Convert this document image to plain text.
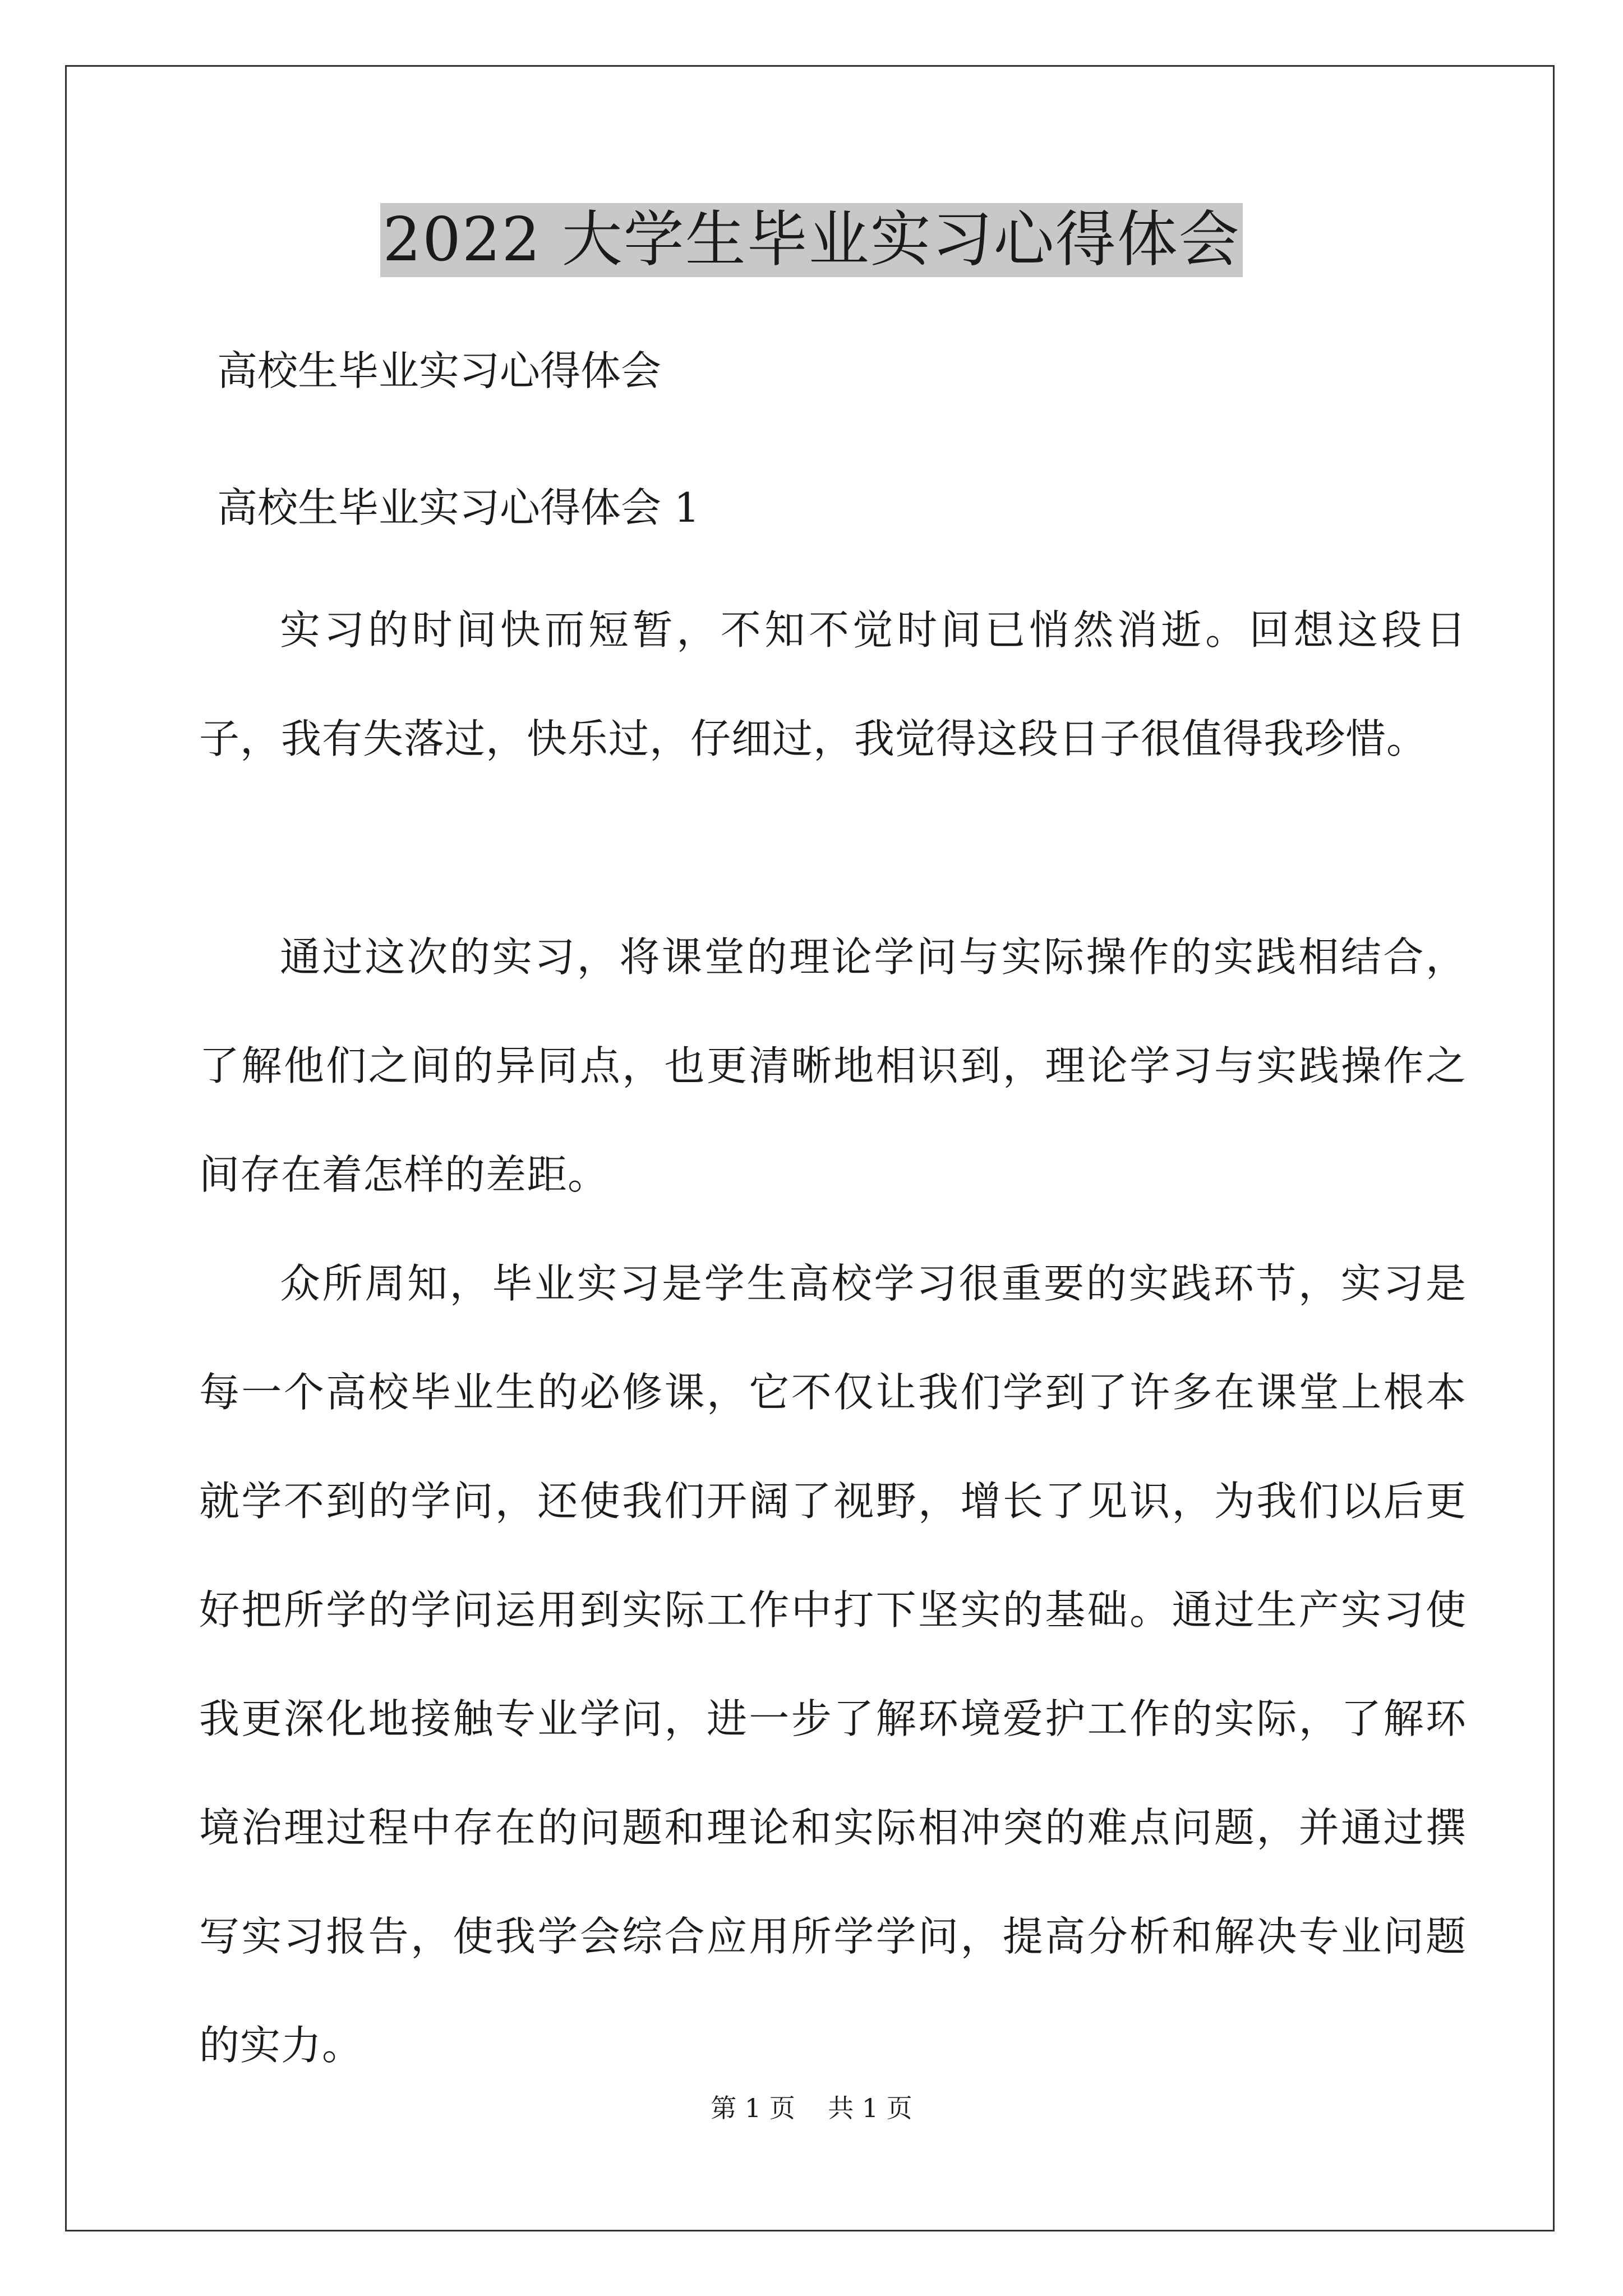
2022 大学生毕业实习心得体会
高校生毕业实习心得体会
高校生毕业实习心得体会 1

实习的时间快而短暂，不知不觉时间已悄然消逝。回想这段日子，我有失落过，快乐过，仔细过，我觉得这段日子很值得我珍惜。

通过这次的实习，将课堂的理论学问与实际操作的实践相结合，了解他们之间的异同点，也更清晰地相识到，理论学习与实践操作之间存在着怎样的差距。

众所周知，毕业实习是学生高校学习很重要的实践环节，实习是每一个高校毕业生的必修课，它不仅让我们学到了许多在课堂上根本就学不到的学问，还使我们开阔了视野，增长了见识，为我们以后更好把所学的学问运用到实际工作中打下坚实的基础。通过生产实习使我更深化地接触专业学问，进一步了解环境爱护工作的实际，了解环境治理过程中存在的问题和理论和实际相冲突的难点问题，并通过撰写实习报告，使我学会综合应用所学学问，提高分析和解决专业问题的实力。

第 1 页    共 1 页
